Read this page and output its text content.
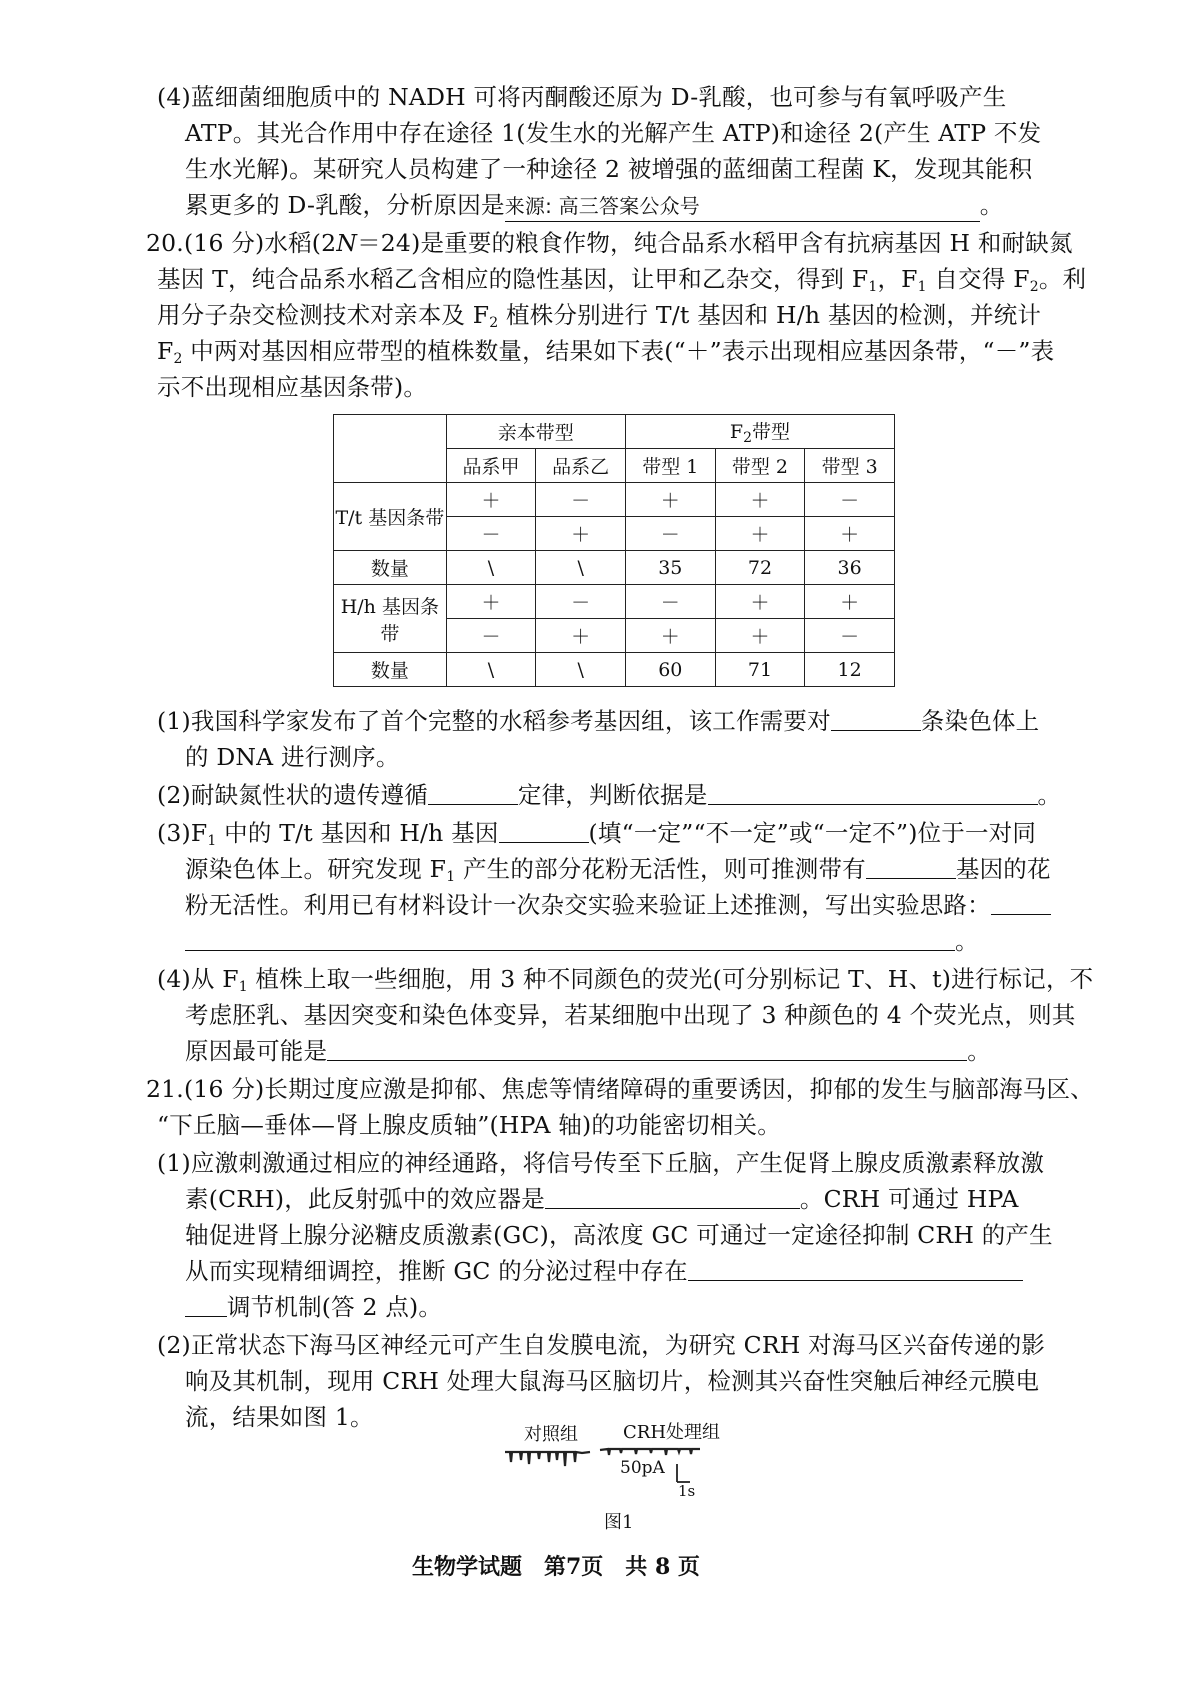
(4)蓝细菌细胞质中的 NADH 可将丙酮酸还原为 D-乳酸，也可参与有氧呼吸产生
ATP。其光合作用中存在途径 1(发生水的光解产生 ATP)和途径 2(产生 ATP 不发
生水光解)。某研究人员构建了一种途径 2 被增强的蓝细菌工程菌 K，发现其能积
累更多的 D-乳酸，分析原因是来源: 高三答案公众号	。
20.(16 分)水稻(2N＝24)是重要的粮食作物，纯合品系水稻甲含有抗病基因 H 和耐缺氮
基因 T，纯合品系水稻乙含相应的隐性基因，让甲和乙杂交，得到 $F_1$，$F_1$ 自交得 $F_2$。利
用分子杂交检测技术对亲本及 $F_2$ 植株分别进行 T/t 基因和 H/h 基因的检测，并统计
$F_2$ 中两对基因相应带型的植株数量，结果如下表(“＋”表示出现相应基因条带，“－”表
示不出现相应基因条带)。
	亲本带型		$F_2$带型		
	品系甲	品系乙	带型 1	带型 2	带型 3
T/t 基因条带	＋	－	＋	＋	－
	－	＋	－	＋	＋
数量	\	\	35	72	36
H/h 基因条带	＋	－	－	＋	＋
	－	＋	＋	＋	－
数量	\	\	60	71	12
(1)我国科学家发布了首个完整的水稻参考基因组，该工作需要对	条染色体上
的 DNA 进行测序。
(2)耐缺氮性状的遗传遵循	定律，判断依据是	。
$(3)F_1$ 中的 T/t 基因和 H/h 基因	(填“一定”“不一定”或“一定不”)位于一对同
源染色体上。研究发现 $F_1$ 产生的部分花粉无活性，则可推测带有	基因的花
粉无活性。利用已有材料设计一次杂交实验来验证上述推测，写出实验思路：
。
(4)从 $F_1$ 植株上取一些细胞，用 3 种不同颜色的荧光(可分别标记 T、H、t)进行标记，不
考虑胚乳、基因突变和染色体变异，若某细胞中出现了 3 种颜色的 4 个荧光点，则其
原因最可能是	。
21.(16 分)长期过度应激是抑郁、焦虑等情绪障碍的重要诱因，抑郁的发生与脑部海马区、
“下丘脑—垂体—肾上腺皮质轴”(HPA 轴)的功能密切相关。
(1)应激刺激通过相应的神经通路，将信号传至下丘脑，产生促肾上腺皮质激素释放激
素(CRH)，此反射弧中的效应器是	。CRH 可通过 HPA
轴促进肾上腺分泌糖皮质激素(GC)，高浓度 GC 可通过一定途径抑制 CRH 的产生
从而实现精细调控，推断 GC 的分泌过程中存在
调节机制(答 2 点)。
(2)正常状态下海马区神经元可产生自发膜电流，为研究 CRH 对海马区兴奋传递的影
响及其机制，现用 CRH 处理大鼠海马区脑切片，检测其兴奋性突触后神经元膜电
流，结果如图 1。
对照组	CRH处理组
50pA
1s
图1
生物学试题　第7页　共 8 页
